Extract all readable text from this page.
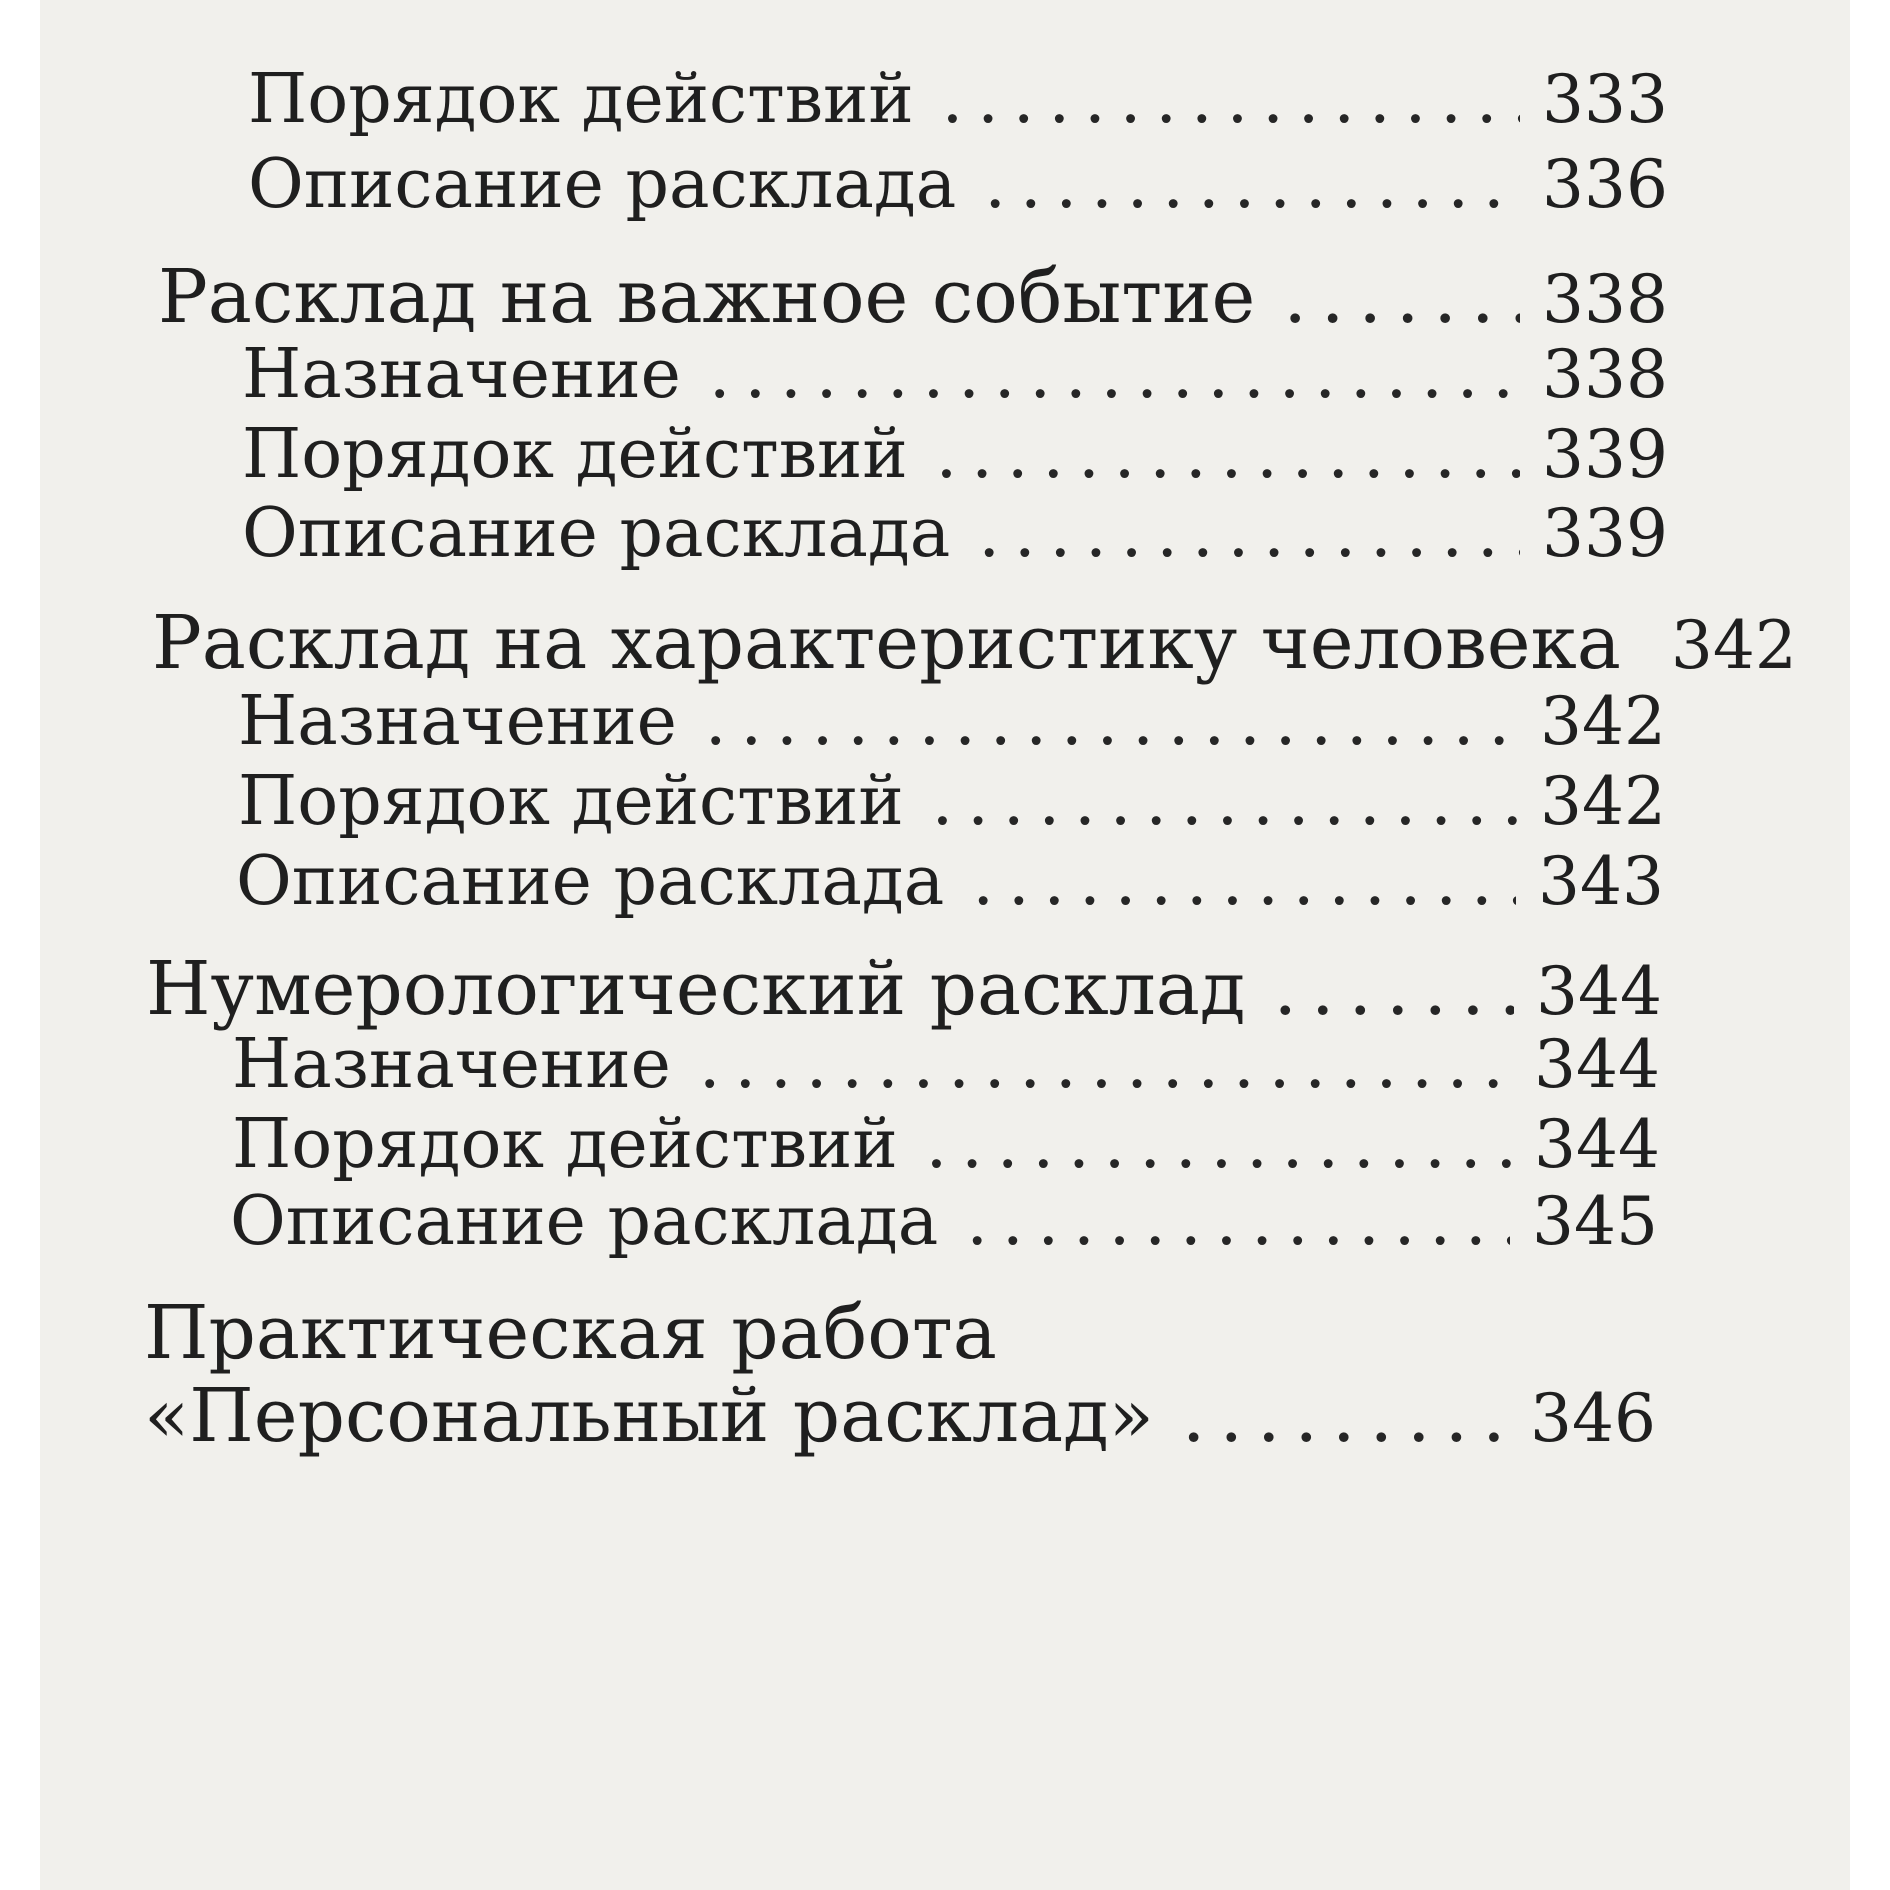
Порядок действий .....	333
Описание расклада .....	336
Расклад на важное событие .....	338
Назначение .....	338
Порядок действий .....	339
Описание расклада .....	339
Расклад на характеристику человека 342
Назначение .....	342
Порядок действий .....	342
Описание расклада .....	343
Нумерологический расклад .....	344
Назначение .....	344
Порядок действий .....	344
Описание расклада .....	345
Практическая работа
«Персональный расклад» .....	346
